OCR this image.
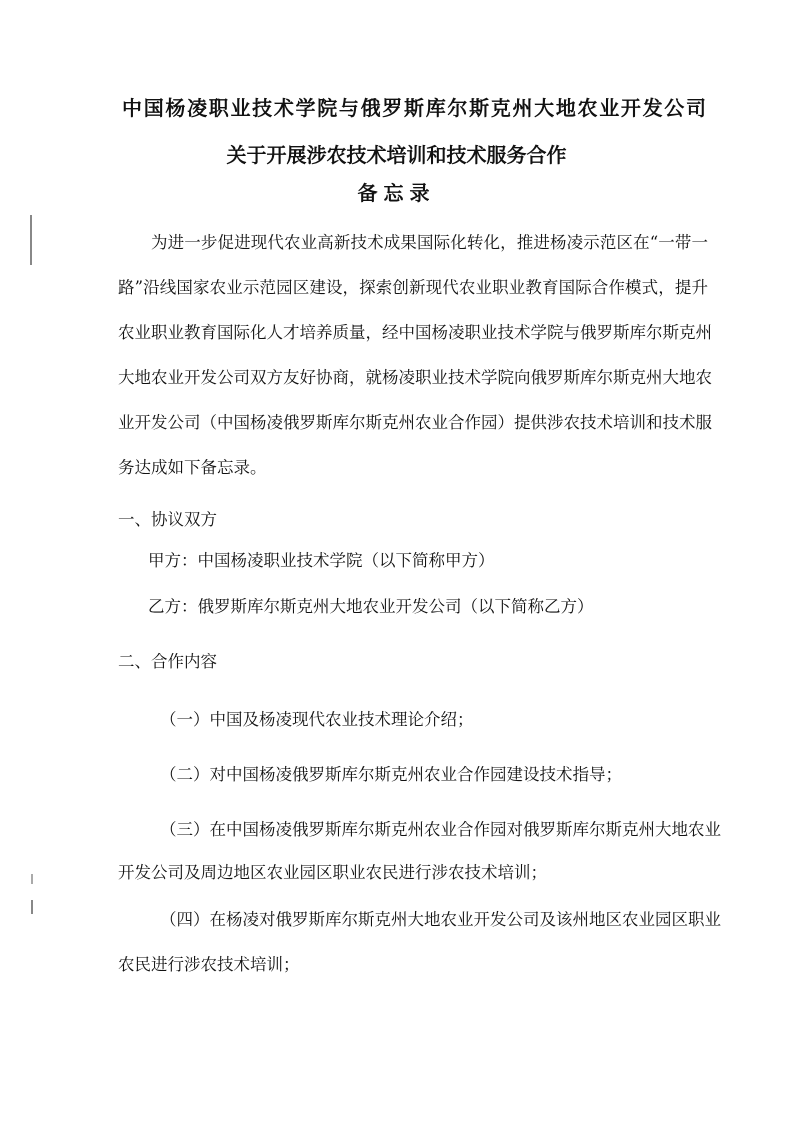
中国杨凌职业技术学院与俄罗斯库尔斯克州大地农业开发公司
关于开展涉农技术培训和技术服务合作
备忘录
为进一步促进现代农业高新技术成果国际化转化，推进杨凌示范区在“一带一
路”沿线国家农业示范园区建设，探索创新现代农业职业教育国际合作模式，提升
农业职业教育国际化人才培养质量，经中国杨凌职业技术学院与俄罗斯库尔斯克州
大地农业开发公司双方友好协商，就杨凌职业技术学院向俄罗斯库尔斯克州大地农
业开发公司（中国杨凌俄罗斯库尔斯克州农业合作园）提供涉农技术培训和技术服
务达成如下备忘录。
一、协议双方
甲方：中国杨凌职业技术学院（以下简称甲方）
乙方：俄罗斯库尔斯克州大地农业开发公司（以下简称乙方）
二、合作内容
（一）中国及杨凌现代农业技术理论介绍；
（二）对中国杨凌俄罗斯库尔斯克州农业合作园建设技术指导；
（三）在中国杨凌俄罗斯库尔斯克州农业合作园对俄罗斯库尔斯克州大地农业
开发公司及周边地区农业园区职业农民进行涉农技术培训；
（四）在杨凌对俄罗斯库尔斯克州大地农业开发公司及该州地区农业园区职业
农民进行涉农技术培训；
